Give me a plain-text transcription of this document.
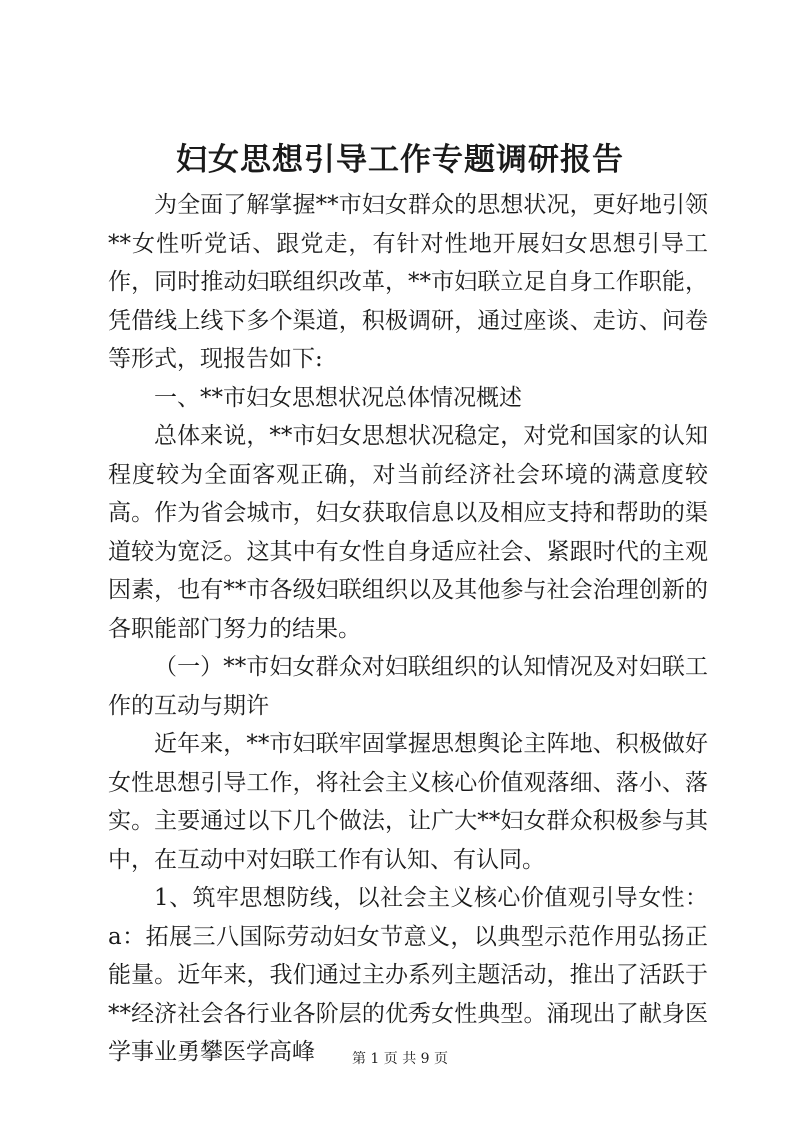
妇女思想引导工作专题调研报告

为全面了解掌握**市妇女群众的思想状况，更好地引领**女性听党话、跟党走，有针对性地开展妇女思想引导工作，同时推动妇联组织改革，**市妇联立足自身工作职能，凭借线上线下多个渠道，积极调研，通过座谈、走访、问卷等形式，现报告如下:

一、**市妇女思想状况总体情况概述

总体来说，**市妇女思想状况稳定，对党和国家的认知程度较为全面客观正确，对当前经济社会环境的满意度较高。作为省会城市，妇女获取信息以及相应支持和帮助的渠道较为宽泛。这其中有女性自身适应社会、紧跟时代的主观因素，也有**市各级妇联组织以及其他参与社会治理创新的各职能部门努力的结果。

（一）**市妇女群众对妇联组织的认知情况及对妇联工作的互动与期许

近年来，**市妇联牢固掌握思想舆论主阵地、积极做好女性思想引导工作，将社会主义核心价值观落细、落小、落实。主要通过以下几个做法，让广大**妇女群众积极参与其中，在互动中对妇联工作有认知、有认同。

1、筑牢思想防线，以社会主义核心价值观引导女性：a：拓展三八国际劳动妇女节意义，以典型示范作用弘扬正能量。近年来，我们通过主办系列主题活动，推出了活跃于**经济社会各行业各阶层的优秀女性典型。涌现出了献身医学事业勇攀医学高峰	第 1 页 共 9 页
